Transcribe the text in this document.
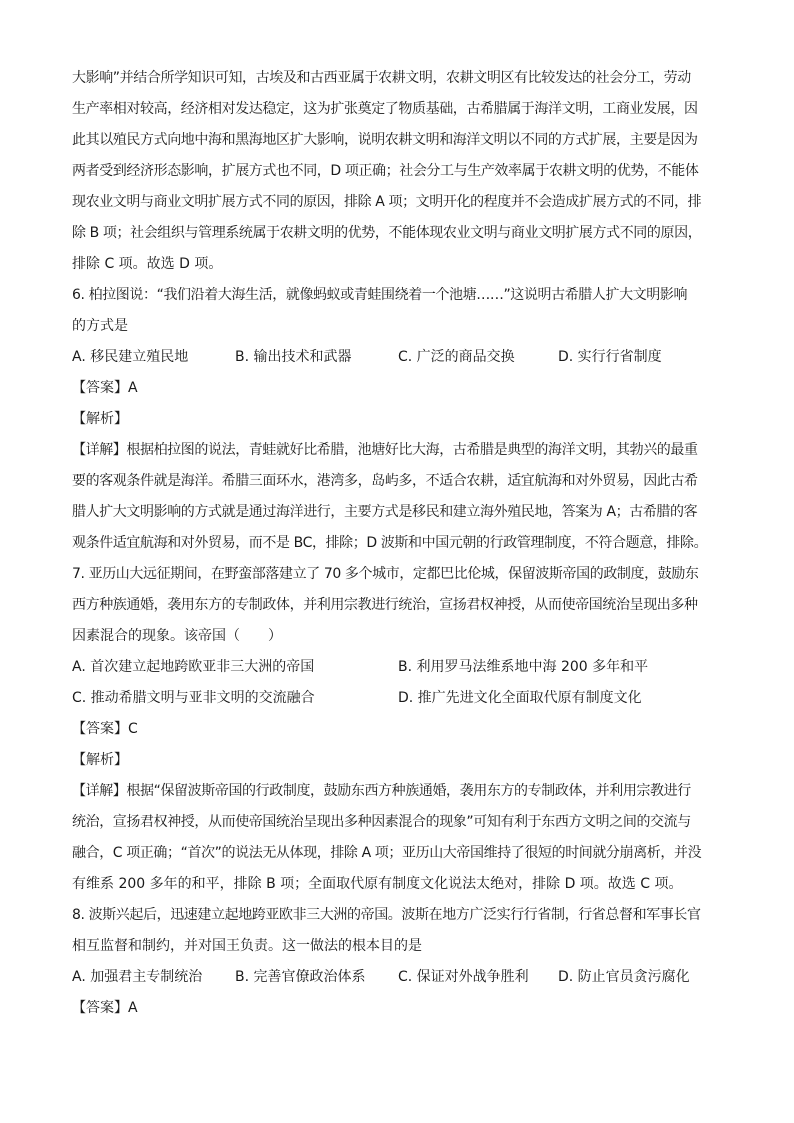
大影响”并结合所学知识可知，古埃及和古西亚属于农耕文明，农耕文明区有比较发达的社会分工，劳动
生产率相对较高，经济相对发达稳定，这为扩张奠定了物质基础，古希腊属于海洋文明，工商业发展，因
此其以殖民方式向地中海和黑海地区扩大影响，说明农耕文明和海洋文明以不同的方式扩展，主要是因为
两者受到经济形态影响，扩展方式也不同，D 项正确；社会分工与生产效率属于农耕文明的优势，不能体
现农业文明与商业文明扩展方式不同的原因，排除 A 项；文明开化的程度并不会造成扩展方式的不同，排
除 B 项；社会组织与管理系统属于农耕文明的优势，不能体现农业文明与商业文明扩展方式不同的原因，
排除 C 项。故选 D 项。
6. 柏拉图说：“我们沿着大海生活，就像蚂蚁或青蛙围绕着一个池塘……”这说明古希腊人扩大文明影响
的方式是
A. 移民建立殖民地	B. 输出技术和武器	C. 广泛的商品交换	D. 实行行省制度
【答案】A
【解析】
【详解】根据柏拉图的说法，青蛙就好比希腊，池塘好比大海，古希腊是典型的海洋文明，其勃兴的最重
要的客观条件就是海洋。希腊三面环水，港湾多，岛屿多，不适合农耕，适宜航海和对外贸易，因此古希
腊人扩大文明影响的方式就是通过海洋进行，主要方式是移民和建立海外殖民地，答案为 A；古希腊的客
观条件适宜航海和对外贸易，而不是 BC，排除；D 波斯和中国元朝的行政管理制度，不符合题意，排除。
7. 亚历山大远征期间，在野蛮部落建立了 70 多个城市，定都巴比伦城，保留波斯帝国的政制度，鼓励东
西方种族通婚，袭用东方的专制政体，并利用宗教进行统治，宣扬君权神授，从而使帝国统治呈现出多种
因素混合的现象。该帝国（　　）
A. 首次建立起地跨欧亚非三大洲的帝国	B. 利用罗马法维系地中海 200 多年和平
C. 推动希腊文明与亚非文明的交流融合	D. 推广先进文化全面取代原有制度文化
【答案】C
【解析】
【详解】根据“保留波斯帝国的行政制度，鼓励东西方种族通婚，袭用东方的专制政体，并利用宗教进行
统治，宣扬君权神授，从而使帝国统治呈现出多种因素混合的现象”可知有利于东西方文明之间的交流与
融合，C 项正确；“首次”的说法无从体现，排除 A 项；亚历山大帝国维持了很短的时间就分崩离析，并没
有维系 200 多年的和平，排除 B 项；全面取代原有制度文化说法太绝对，排除 D 项。故选 C 项。
8. 波斯兴起后，迅速建立起地跨亚欧非三大洲的帝国。波斯在地方广泛实行行省制，行省总督和军事长官
相互监督和制约，并对国王负责。这一做法的根本目的是
A. 加强君主专制统治	B. 完善官僚政治体系	C. 保证对外战争胜利	D. 防止官员贪污腐化
【答案】A
